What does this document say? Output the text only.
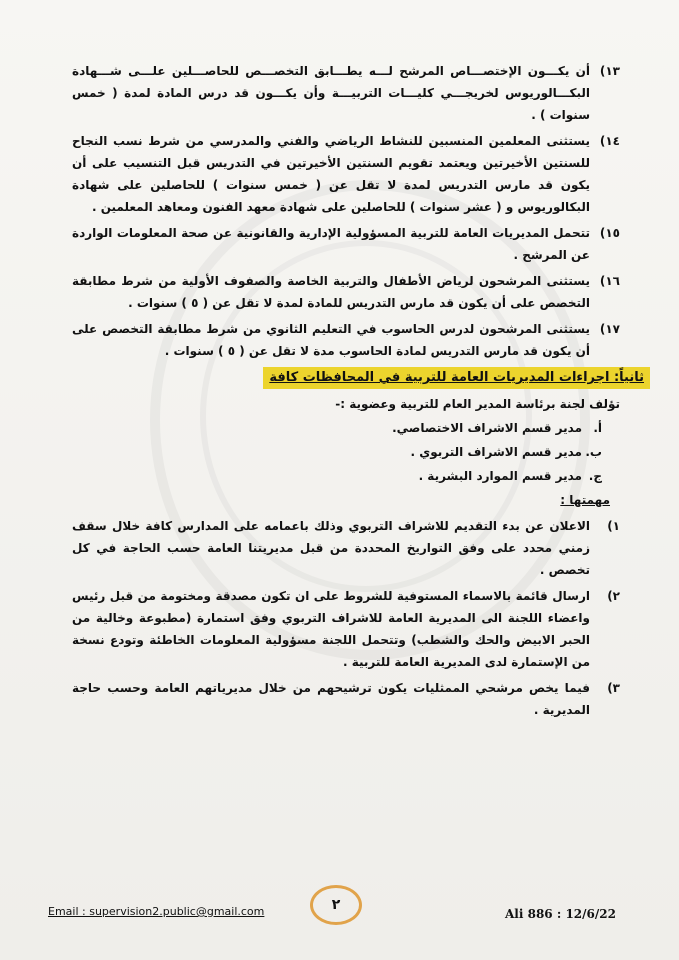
١٣)
أن يكـــون الإختصـــاص المرشح لـــه يطـــابق التخصـــص للحاصـــلين علـــى شـــهادة البكـــالوريوس لخريجـــي كليـــات التربيـــة وأن يكـــون قد درس المادة لمدة ( خمس سنوات ) .
١٤)
يستثنى المعلمين المنسبين للنشاط الرياضي والفني والمدرسي من شرط نسب النجاح للسنتين الأخيرتين ويعتمد تقويم السنتين الأخيرتين في التدريس قبل التنسيب على أن يكون قد مارس التدريس لمدة لا تقل عن ( خمس سنوات ) للحاصلين على شهادة البكالوريوس و ( عشر سنوات ) للحاصلين على شهادة معهد الفنون ومعاهد المعلمين .
١٥)
تتحمل المديريات العامة للتربية المسؤولية الإدارية والقانونية عن صحة المعلومات الواردة عن المرشح .
١٦)
يستثنى المرشحون لرياض الأطفال والتربية الخاصة والصفوف الأولية من شرط مطابقة التخصص على أن يكون قد مارس التدريس للمادة لمدة لا تقل عن ( ٥ ) سنوات .
١٧)
يستثنى المرشحون لدرس الحاسوب في التعليم الثانوي من شرط مطابقة التخصص على أن يكون قد مارس التدريس لمادة الحاسوب مدة لا تقل عن ( ٥ ) سنوات .
ثانياً: اجراءات المديريات العامة للتربية في المحافظات كافة
تؤلف لجنة برئاسة المدير العام للتربية وعضوية :-
أ.
مدير قسم الاشراف الاختصاصي.
ب.
مدير قسم الاشراف التربوي .
ج.
مدير قسم الموارد البشرية .
مهمتها :
١)
الاعلان عن بدء التقديم للاشراف التربوي وذلك باعمامه على المدارس كافة خلال سقف زمني محدد على وفق التواريخ المحددة من قبل مديريتنا العامة حسب الحاجة في كل تخصص .
٢)
ارسال قائمة بالاسماء المستوفية للشروط على ان تكون مصدقة ومختومة من قبل رئيس واعضاء اللجنة الى المديرية العامة للاشراف التربوي وفق استمارة (مطبوعة وخالية من الحبر الابيض والحك والشطب) وتتحمل اللجنة مسؤولية المعلومات الخاطئة وتودع نسخة من الإستمارة لدى المديرية العامة للتربية .
٣)
فيما يخص مرشحي الممثليات يكون ترشيحهم من خلال مديرياتهم العامة وحسب حاجة المديرية .
Email : supervision2.public@gmail.com	٢
Ali 886 : 12/6/22
